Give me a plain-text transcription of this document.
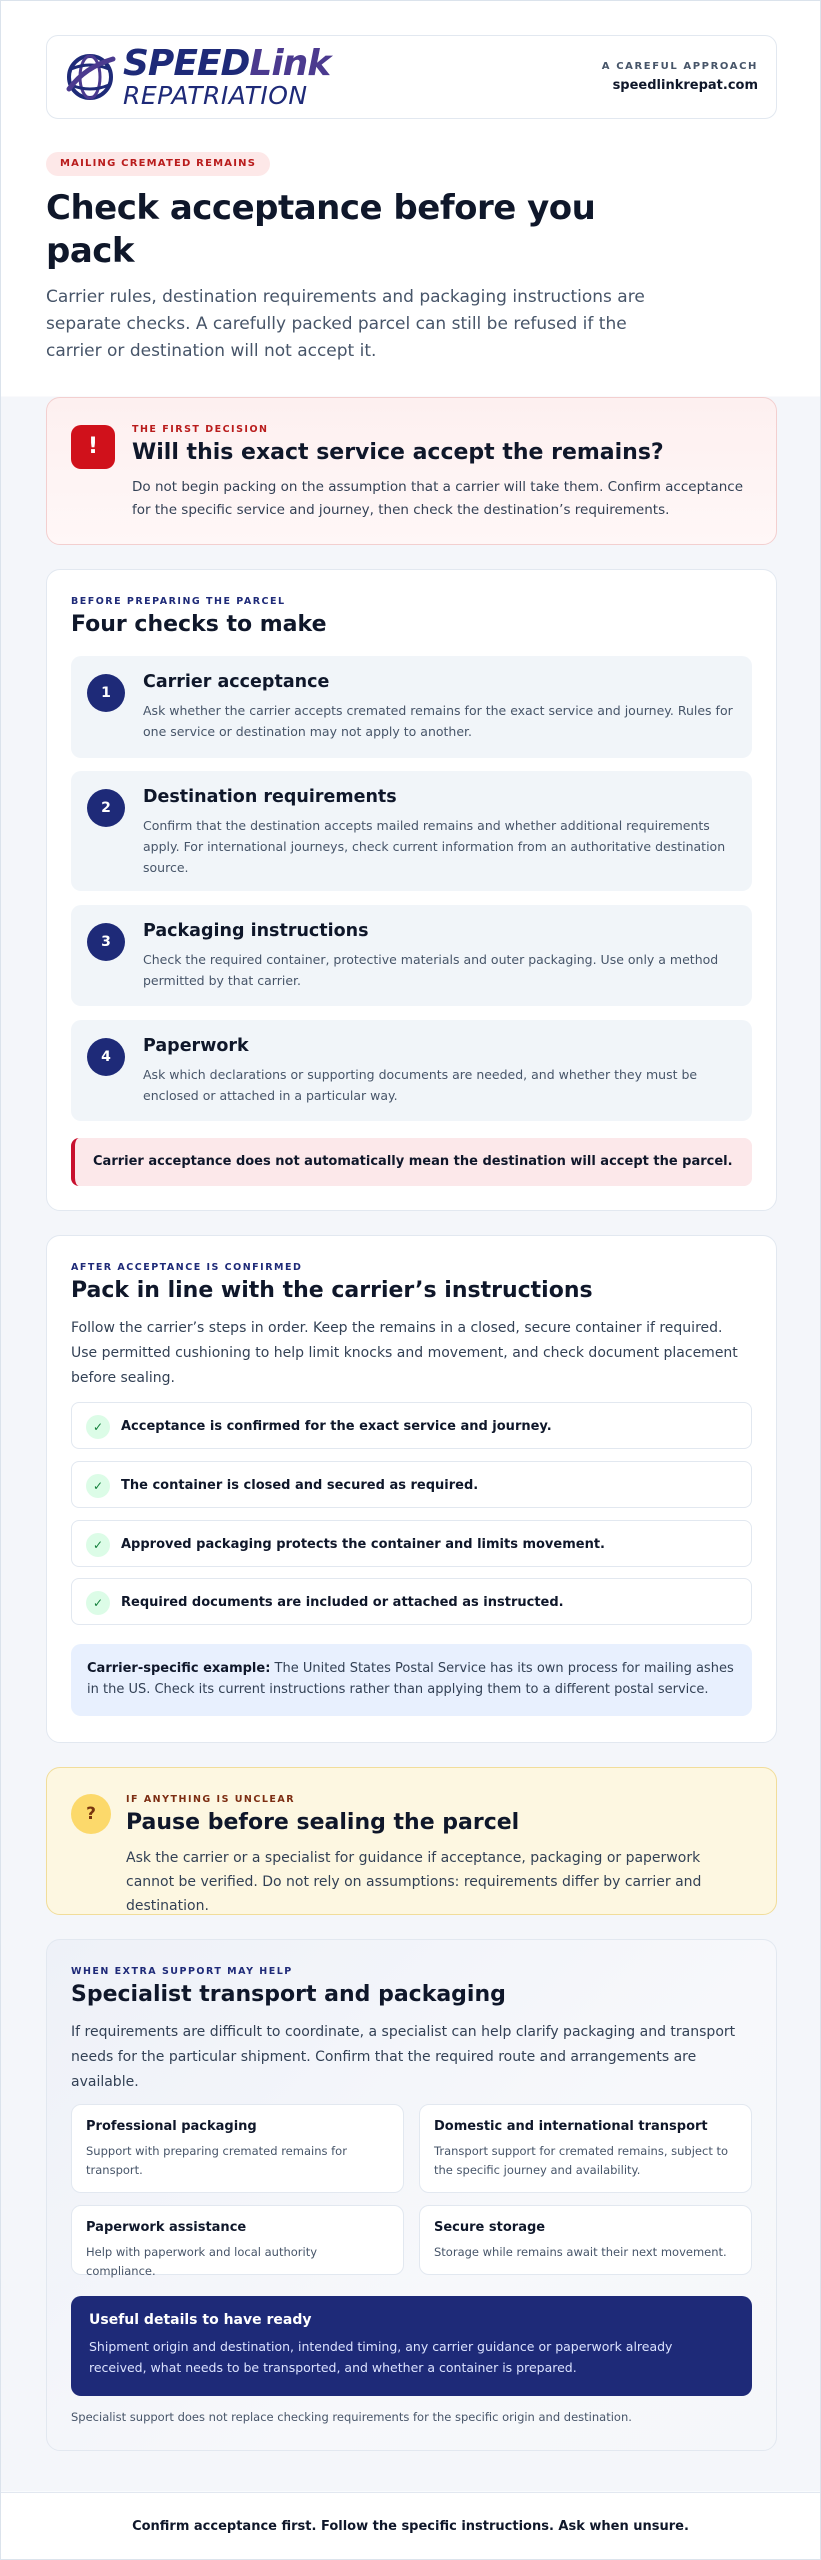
SPEEDLink
REPATRIATION
A CAREFUL APPROACH
speedlinkrepat.com
MAILING CREMATED REMAINS
Check acceptance before you pack

Carrier rules, destination requirements and packaging instructions are separate checks. A carefully packed parcel can still be refused if the carrier or destination will not accept it.

!
THE FIRST DECISION
Will this exact service accept the remains?
Do not begin packing on the assumption that a carrier will take them. Confirm acceptance for the specific service and journey, then check the destination’s requirements.
BEFORE PREPARING THE PARCEL
Four checks to make
1
Carrier acceptance
Ask whether the carrier accepts cremated remains for the exact service and journey. Rules for one service or destination may not apply to another.
2
Destination requirements
Confirm that the destination accepts mailed remains and whether additional requirements apply. For international journeys, check current information from an authoritative destination source.
3
Packaging instructions
Check the required container, protective materials and outer packaging. Use only a method permitted by that carrier.
4
Paperwork
Ask which declarations or supporting documents are needed, and whether they must be enclosed or attached in a particular way.
Carrier acceptance does not automatically mean the destination will accept the parcel.
AFTER ACCEPTANCE IS CONFIRMED
Pack in line with the carrier’s instructions
Follow the carrier’s steps in order. Keep the remains in a closed, secure container if required. Use permitted cushioning to help limit knocks and movement, and check document placement before sealing.
✓	Acceptance is confirmed for the exact service and journey.
✓	The container is closed and secured as required.
✓	Approved packaging protects the container and limits movement.
✓	Required documents are included or attached as instructed.
Carrier-specific example: The United States Postal Service has its own process for mailing ashes in the US. Check its current instructions rather than applying them to a different postal service.
?
IF ANYTHING IS UNCLEAR
Pause before sealing the parcel
Ask the carrier or a specialist for guidance if acceptance, packaging or paperwork cannot be verified. Do not rely on assumptions: requirements differ by carrier and destination.
WHEN EXTRA SUPPORT MAY HELP
Specialist transport and packaging
If requirements are difficult to coordinate, a specialist can help clarify packaging and transport needs for the particular shipment. Confirm that the required route and arrangements are available.
Professional packaging
Support with preparing cremated remains for transport.
Domestic and international transport
Transport support for cremated remains, subject to the specific journey and availability.
Paperwork assistance
Help with paperwork and local authority compliance.
Secure storage
Storage while remains await their next movement.
Useful details to have ready
Shipment origin and destination, intended timing, any carrier guidance or paperwork already received, what needs to be transported, and whether a container is prepared.
Specialist support does not replace checking requirements for the specific origin and destination.
Confirm acceptance first. Follow the specific instructions. Ask when unsure.
